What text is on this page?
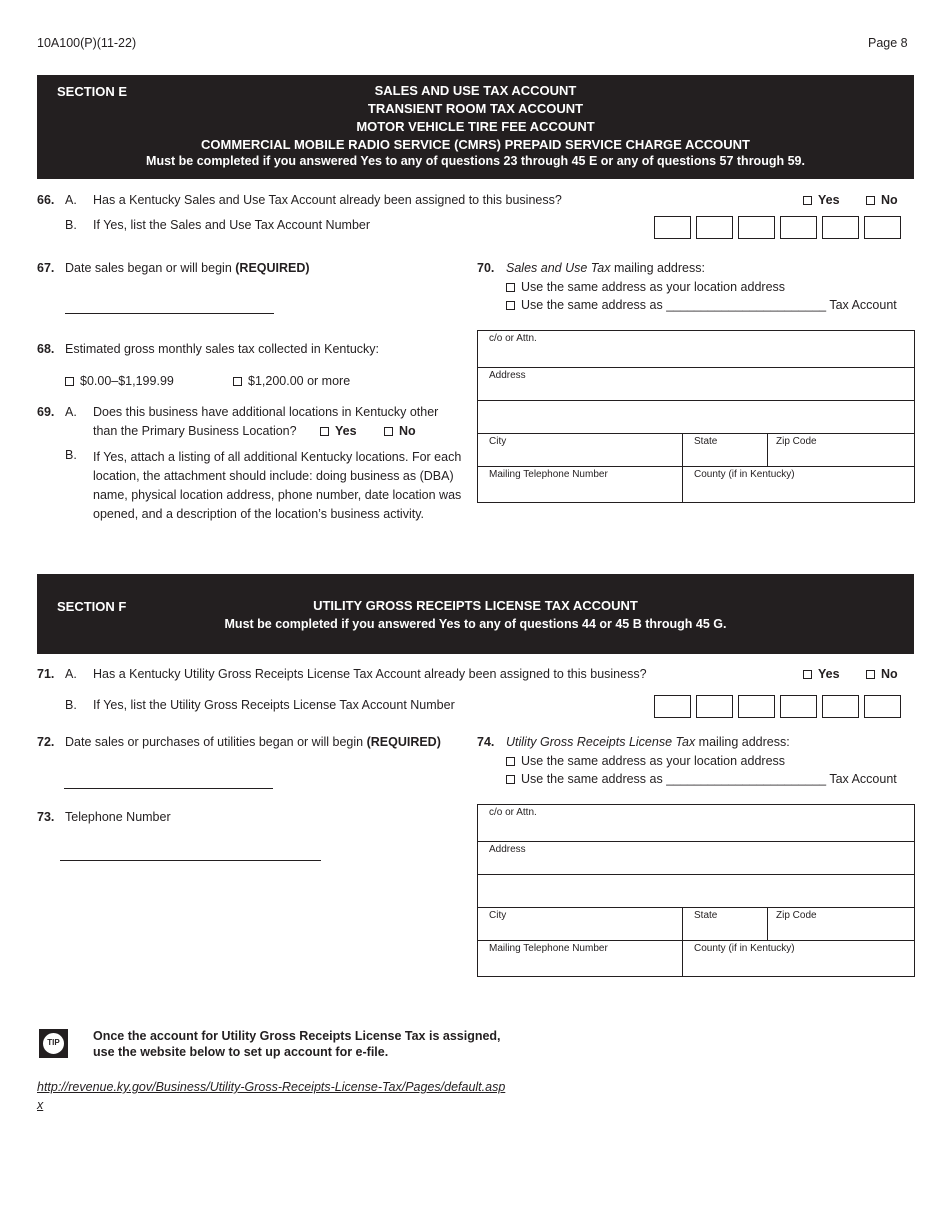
10A100(P)(11-22)	Page 8
SECTION E	SALES AND USE TAX ACCOUNT
TRANSIENT ROOM TAX ACCOUNT
MOTOR VEHICLE TIRE FEE ACCOUNT
COMMERCIAL MOBILE RADIO SERVICE (CMRS) PREPAID SERVICE CHARGE ACCOUNT
Must be completed if you answered Yes to any of questions 23 through 45 E or any of questions 57 through 59.
66. A. Has a Kentucky Sales and Use Tax Account already been assigned to this business?	Yes	No
B. If Yes, list the Sales and Use Tax Account Number
67. Date sales began or will begin (REQUIRED)
68. Estimated gross monthly sales tax collected in Kentucky:
$0.00–$1,199.99	$1,200.00 or more
69. A. Does this business have additional locations in Kentucky other
than the Primary Business Location?	Yes	No
B. If Yes, attach a listing of all additional Kentucky locations. For each location, the attachment should include: doing business as (DBA) name, physical location address, phone number, date location was opened, and a description of the location’s business activity.
70. Sales and Use Tax mailing address:
Use the same address as your location address
Use the same address as _______________________ Tax Account
c/o or Attn.
Address
City	State	Zip Code
Mailing Telephone Number	County (if in Kentucky)
SECTION F	UTILITY GROSS RECEIPTS LICENSE TAX ACCOUNT
Must be completed if you answered Yes to any of questions 44 or 45 B through 45 G.
71. A. Has a Kentucky Utility Gross Receipts License Tax Account already been assigned to this business?	Yes	No
B. If Yes, list the Utility Gross Receipts License Tax Account Number
72. Date sales or purchases of utilities began or will begin (REQUIRED)
73. Telephone Number
74. Utility Gross Receipts License Tax mailing address:
Use the same address as your location address
Use the same address as _______________________ Tax Account
c/o or Attn.
Address
City	State	Zip Code
Mailing Telephone Number	County (if in Kentucky)
TIP	Once the account for Utility Gross Receipts License Tax is assigned,
use the website below to set up account for e-file.
http://revenue.ky.gov/Business/Utility-Gross-Receipts-License-Tax/Pages/default.aspx
